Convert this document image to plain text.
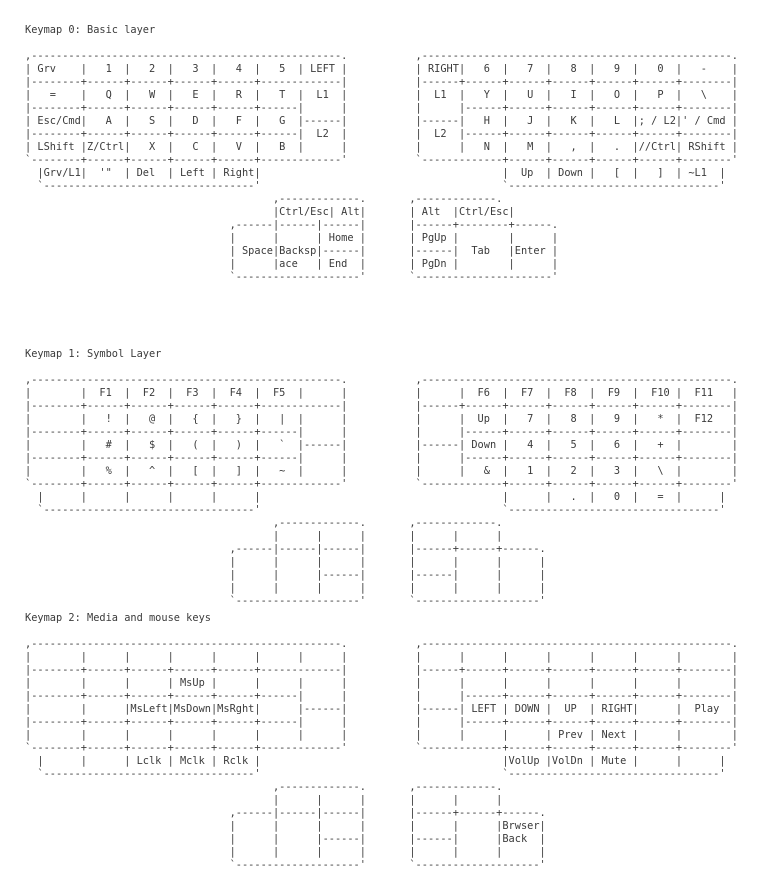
Keymap 0: Basic layer
,--------------------------------------------------.           ,--------------------------------------------------.
| Grv    |   1  |   2  |   3  |   4  |   5  | LEFT |           | RIGHT|   6  |   7  |   8  |   9  |   0  |   -    |
|--------+------+------+------+------+-------------|           |------+------+------+------+------+------+--------|
|   =    |   Q  |   W  |   E  |   R  |   T  |  L1  |           |  L1  |   Y  |   U  |   I  |   O  |   P  |   \    |
|--------+------+------+------+------+------|      |           |      |------+------+------+------+------+--------|
| Esc/Cmd|   A  |   S  |   D  |   F  |   G  |------|           |------|   H  |   J  |   K  |   L  |; / L2|' / Cmd |
|--------+------+------+------+------+------|  L2  |           |  L2  |------+------+------+------+------+--------|
| LShift |Z/Ctrl|   X  |   C  |   V  |   B  |      |           |      |   N  |   M  |   ,  |   .  |//Ctrl| RShift |
`--------+------+------+------+------+-------------'           `-------------+------+------+------+------+--------'
|Grv/L1|  '"  | Del  | Left | Right|                                       |  Up  | Down |   [  |   ]  | ~L1  |
`----------------------------------'                                       `----------------------------------'
,-------------.       ,-------------.
|Ctrl/Esc| Alt|       | Alt  |Ctrl/Esc|
,------|------|------|       |------+--------+------.
|      |      | Home |       | PgUp |        |      |
| Space|Backsp|------|       |------|  Tab   |Enter |
|      |ace   | End  |       | PgDn |        |      |
`--------------------'       `----------------------'
Keymap 1: Symbol Layer
,--------------------------------------------------.           ,--------------------------------------------------.
|        |  F1  |  F2  |  F3  |  F4  |  F5  |      |           |      |  F6  |  F7  |  F8  |  F9  |  F10 |  F11   |
|--------+------+------+------+------+-------------|           |------+------+------+------+------+------+--------|
|        |   !  |   @  |   {  |   }  |   |  |      |           |      |  Up  |   7  |   8  |   9  |   *  |  F12   |
|--------+------+------+------+------+------|      |           |      |------+------+------+------+------+--------|
|        |   #  |   $  |   (  |   )  |   `  |------|           |------| Down |   4  |   5  |   6  |   +  |        |
|--------+------+------+------+------+------|      |           |      |------+------+------+------+------+--------|
|        |   %  |   ^  |   [  |   ]  |   ~  |      |           |      |   &  |   1  |   2  |   3  |   \  |        |
`--------+------+------+------+------+-------------'           `-------------+------+------+------+------+--------'
|      |      |      |      |      |                                       |      |   .  |   0  |   =  |      |
`----------------------------------'                                       `----------------------------------'
,-------------.       ,-------------.
|      |      |       |      |      |
,------|------|------|       |------+------+------.
|      |      |      |       |      |      |      |
|      |      |------|       |------|      |      |
|      |      |      |       |      |      |      |
`--------------------'       `--------------------'
Keymap 2: Media and mouse keys
,--------------------------------------------------.           ,--------------------------------------------------.
|        |      |      |      |      |      |      |           |      |      |      |      |      |      |        |
|--------+------+------+------+------+-------------|           |------+------+------+------+------+------+--------|
|        |      |      | MsUp |      |      |      |           |      |      |      |      |      |      |        |
|--------+------+------+------+------+------|      |           |      |------+------+------+------+------+--------|
|        |      |MsLeft|MsDown|MsRght|      |------|           |------| LEFT | DOWN |  UP  | RIGHT|      |  Play  |
|--------+------+------+------+------+------|      |           |      |------+------+------+------+------+--------|
|        |      |      |      |      |      |      |           |      |      |      | Prev | Next |      |        |
`--------+------+------+------+------+-------------'           `-------------+------+------+------+------+--------'
|      |      | Lclk | Mclk | Rclk |                                       |VolUp |VolDn | Mute |      |      |
`----------------------------------'                                       `----------------------------------'
,-------------.       ,-------------.
|      |      |       |      |      |
,------|------|------|       |------+------+------.
|      |      |      |       |      |      |Brwser|
|      |      |------|       |------|      |Back  |
|      |      |      |       |      |      |      |
`--------------------'       `--------------------'
